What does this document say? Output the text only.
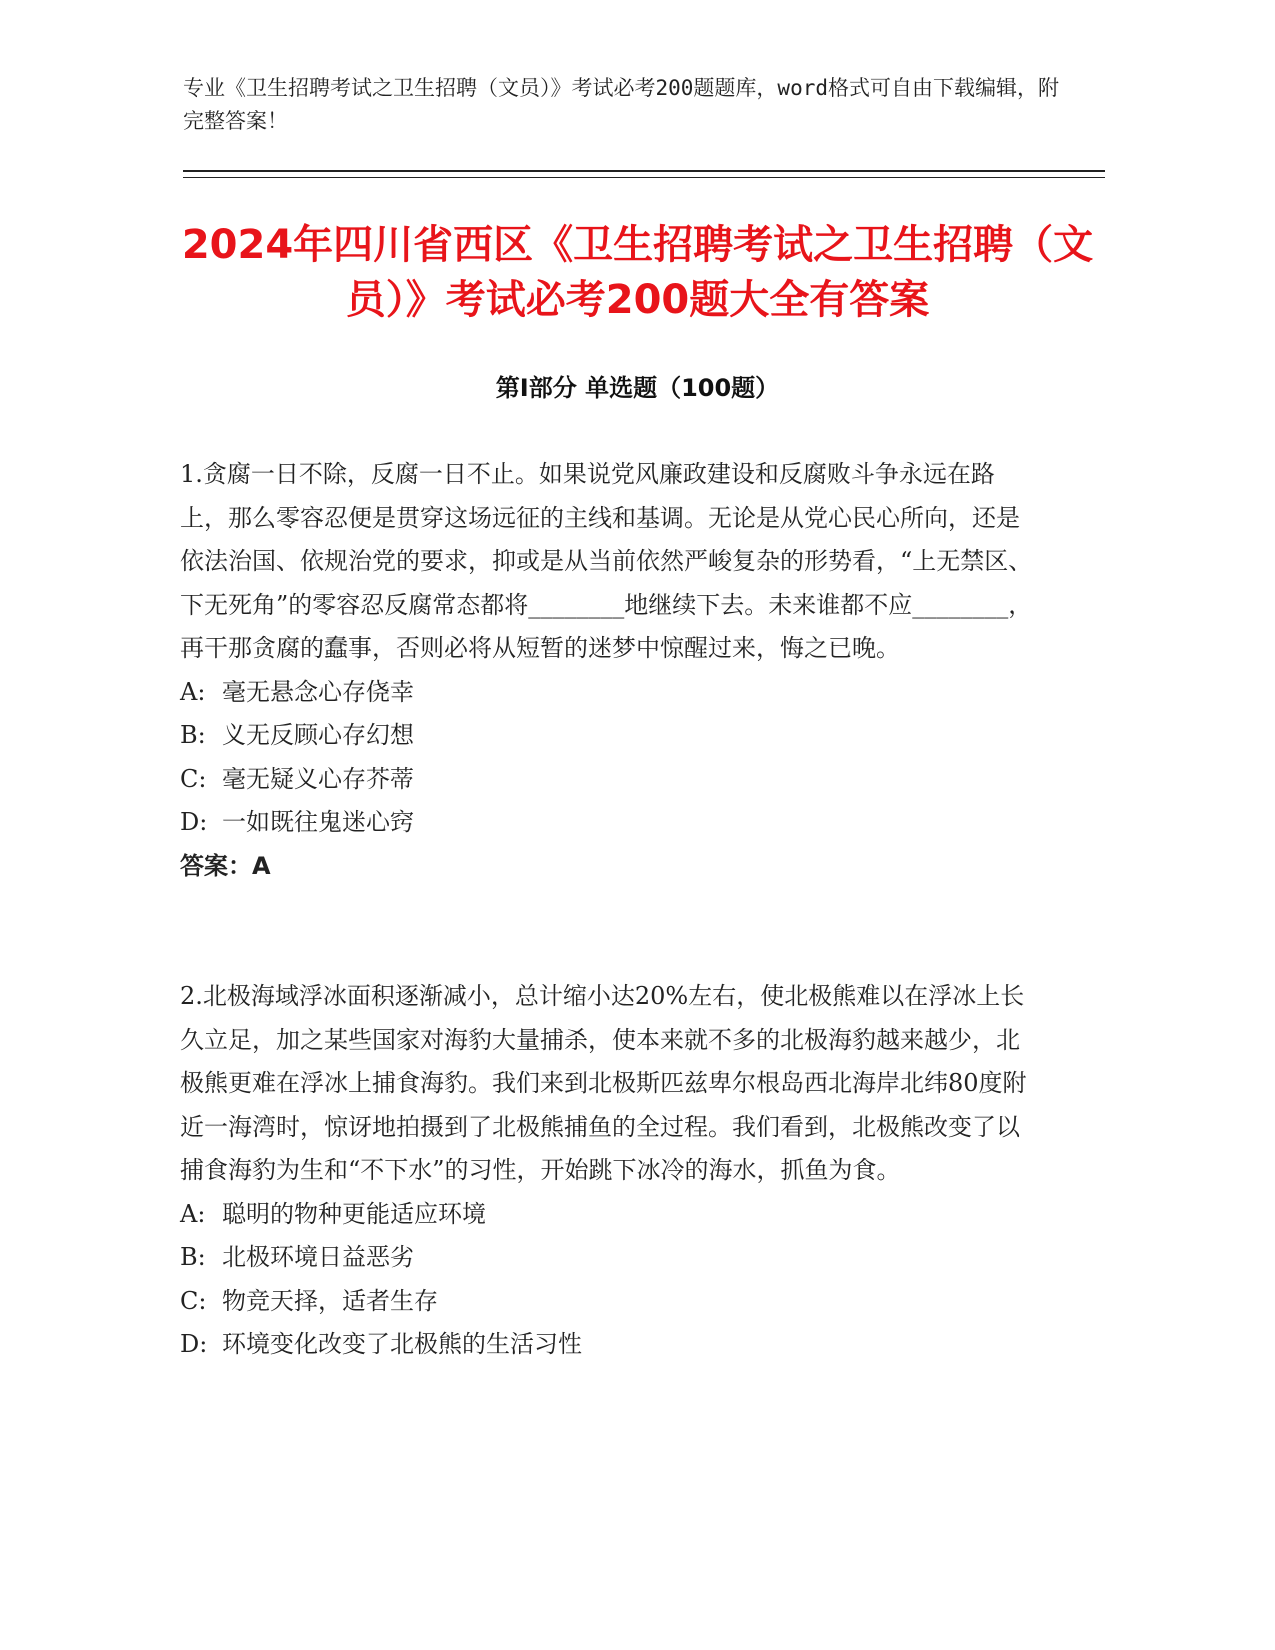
专业《卫生招聘考试之卫生招聘（文员）》考试必考200题题库，word格式可自由下载编辑，附完整答案！
2024年四川省西区《卫生招聘考试之卫生招聘（文员）》考试必考200题大全有答案
第Ⅰ部分 单选题（100题）

1.贪腐一日不除，反腐一日不止。如果说党风廉政建设和反腐败斗争永远在路上，那么零容忍便是贯穿这场远征的主线和基调。无论是从党心民心所向，还是依法治国、依规治党的要求，抑或是从当前依然严峻复杂的形势看，“上无禁区、下无死角”的零容忍反腐常态都将________地继续下去。未来谁都不应________，再干那贪腐的蠢事，否则必将从短暂的迷梦中惊醒过来，悔之已晚。

A: 毫无悬念心存侥幸

B: 义无反顾心存幻想

C: 毫无疑义心存芥蒂

D: 一如既往鬼迷心窍

答案：A

2.北极海域浮冰面积逐渐减小，总计缩小达20%左右，使北极熊难以在浮冰上长久立足，加之某些国家对海豹大量捕杀，使本来就不多的北极海豹越来越少，北极熊更难在浮冰上捕食海豹。我们来到北极斯匹兹卑尔根岛西北海岸北纬80度附近一海湾时，惊讶地拍摄到了北极熊捕鱼的全过程。我们看到，北极熊改变了以捕食海豹为生和“不下水”的习性，开始跳下冰冷的海水，抓鱼为食。

A: 聪明的物种更能适应环境

B: 北极环境日益恶劣

C: 物竞天择，适者生存

D: 环境变化改变了北极熊的生活习性
